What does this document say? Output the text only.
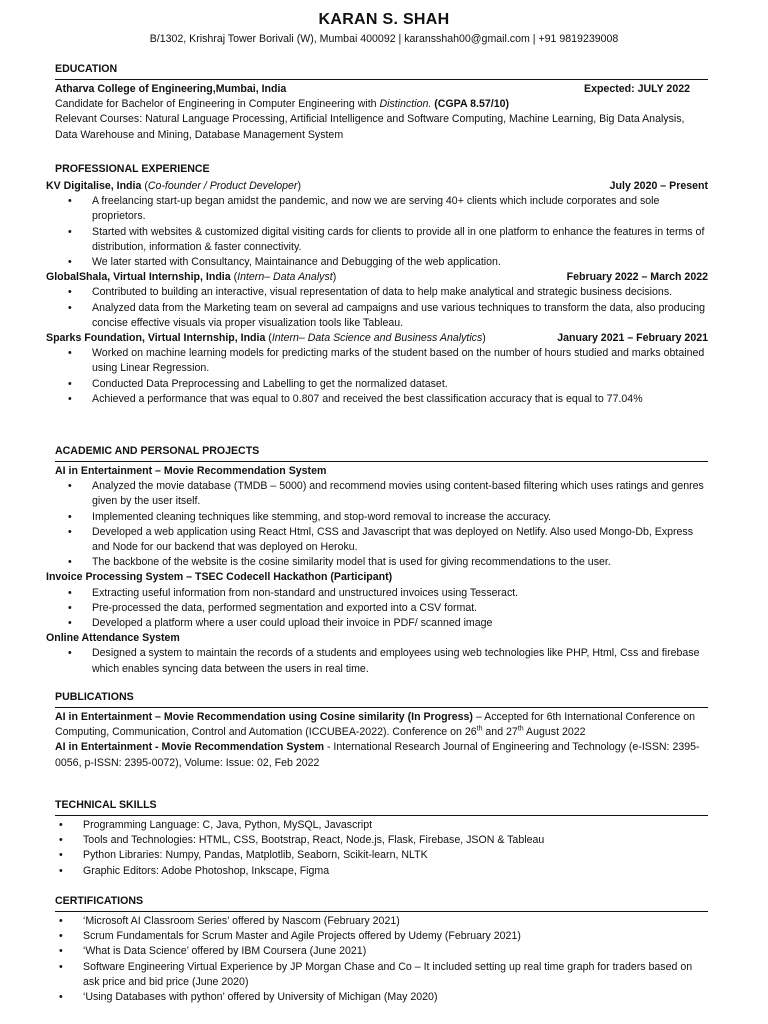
KARAN S. SHAH
B/1302, Krishraj Tower Borivali (W), Mumbai 400092 | karansshah00@gmail.com | +91 9819239008
EDUCATION
Atharva College of Engineering,Mumbai, India	Expected: JULY 2022
Candidate for Bachelor of Engineering in Computer Engineering with Distinction. (CGPA 8.57/10)
Relevant Courses: Natural Language Processing, Artificial Intelligence and Software Computing, Machine Learning, Big Data Analysis, Data Warehouse and Mining, Database Management System
PROFESSIONAL EXPERIENCE
KV Digitalise, India (Co-founder / Product Developer)	July 2020 – Present
• A freelancing start-up began amidst the pandemic, and now we are serving 40+ clients which include corporates and sole proprietors.
• Started with websites & customized digital visiting cards for clients to provide all in one platform to enhance the features in terms of distribution, information & faster connectivity.
• We later started with Consultancy, Maintainance and Debugging of the web application.
GlobalShala, Virtual Internship, India (Intern– Data Analyst)	February 2022 – March 2022
• Contributed to building an interactive, visual representation of data to help make analytical and strategic business decisions.
• Analyzed data from the Marketing team on several ad campaigns and use various techniques to transform the data, also producing concise effective visuals via proper visualization tools like Tableau.
Sparks Foundation, Virtual Internship, India (Intern– Data Science and Business Analytics)	January 2021 – February 2021
• Worked on machine learning models for predicting marks of the student based on the number of hours studied and marks obtained using Linear Regression.
• Conducted Data Preprocessing and Labelling to get the normalized dataset.
• Achieved a performance that was equal to 0.807 and received the best classification accuracy that is equal to 77.04%
ACADEMIC AND PERSONAL PROJECTS
AI in Entertainment – Movie Recommendation System
• Analyzed the movie database (TMDB – 5000) and recommend movies using content-based filtering which uses ratings and genres given by the user itself.
• Implemented cleaning techniques like stemming, and stop-word removal to increase the accuracy.
• Developed a web application using React Html, CSS and Javascript that was deployed on Netlify. Also used Mongo-Db, Express and Node for our backend that was deployed on Heroku.
• The backbone of the website is the cosine similarity model that is used for giving recommendations to the user.
Invoice Processing System – TSEC Codecell Hackathon (Participant)
• Extracting useful information from non-standard and unstructured invoices using Tesseract.
• Pre-processed the data, performed segmentation and exported into a CSV format.
• Developed a platform where a user could upload their invoice in PDF/ scanned image
Online Attendance System
• Designed a system to maintain the records of a students and employees using web technologies like PHP, Html, Css and firebase which enables syncing data between the users in real time.
PUBLICATIONS
AI in Entertainment – Movie Recommendation using Cosine similarity (In Progress) – Accepted for 6th International Conference on Computing, Communication, Control and Automation (ICCUBEA-2022). Conference on 26th and 27th August 2022
AI in Entertainment - Movie Recommendation System - International Research Journal of Engineering and Technology (e-ISSN: 2395-0056, p-ISSN: 2395-0072), Volume: Issue: 02, Feb 2022
TECHNICAL SKILLS
• Programming Language: C, Java, Python, MySQL, Javascript
• Tools and Technologies: HTML, CSS, Bootstrap, React, Node.js, Flask, Firebase, JSON & Tableau
• Python Libraries: Numpy, Pandas, Matplotlib, Seaborn, Scikit-learn, NLTK
• Graphic Editors: Adobe Photoshop, Inkscape, Figma
CERTIFICATIONS
• ‘Microsoft AI Classroom Series’ offered by Nascom (February 2021)
• Scrum Fundamentals for Scrum Master and Agile Projects offered by Udemy (February 2021)
• ‘What is Data Science’ offered by IBM Coursera (June 2021)
• Software Engineering Virtual Experience by JP Morgan Chase and Co – It included setting up real time graph for traders based on ask price and bid price (June 2020)
• ‘Using Databases with python’ offered by University of Michigan (May 2020)
